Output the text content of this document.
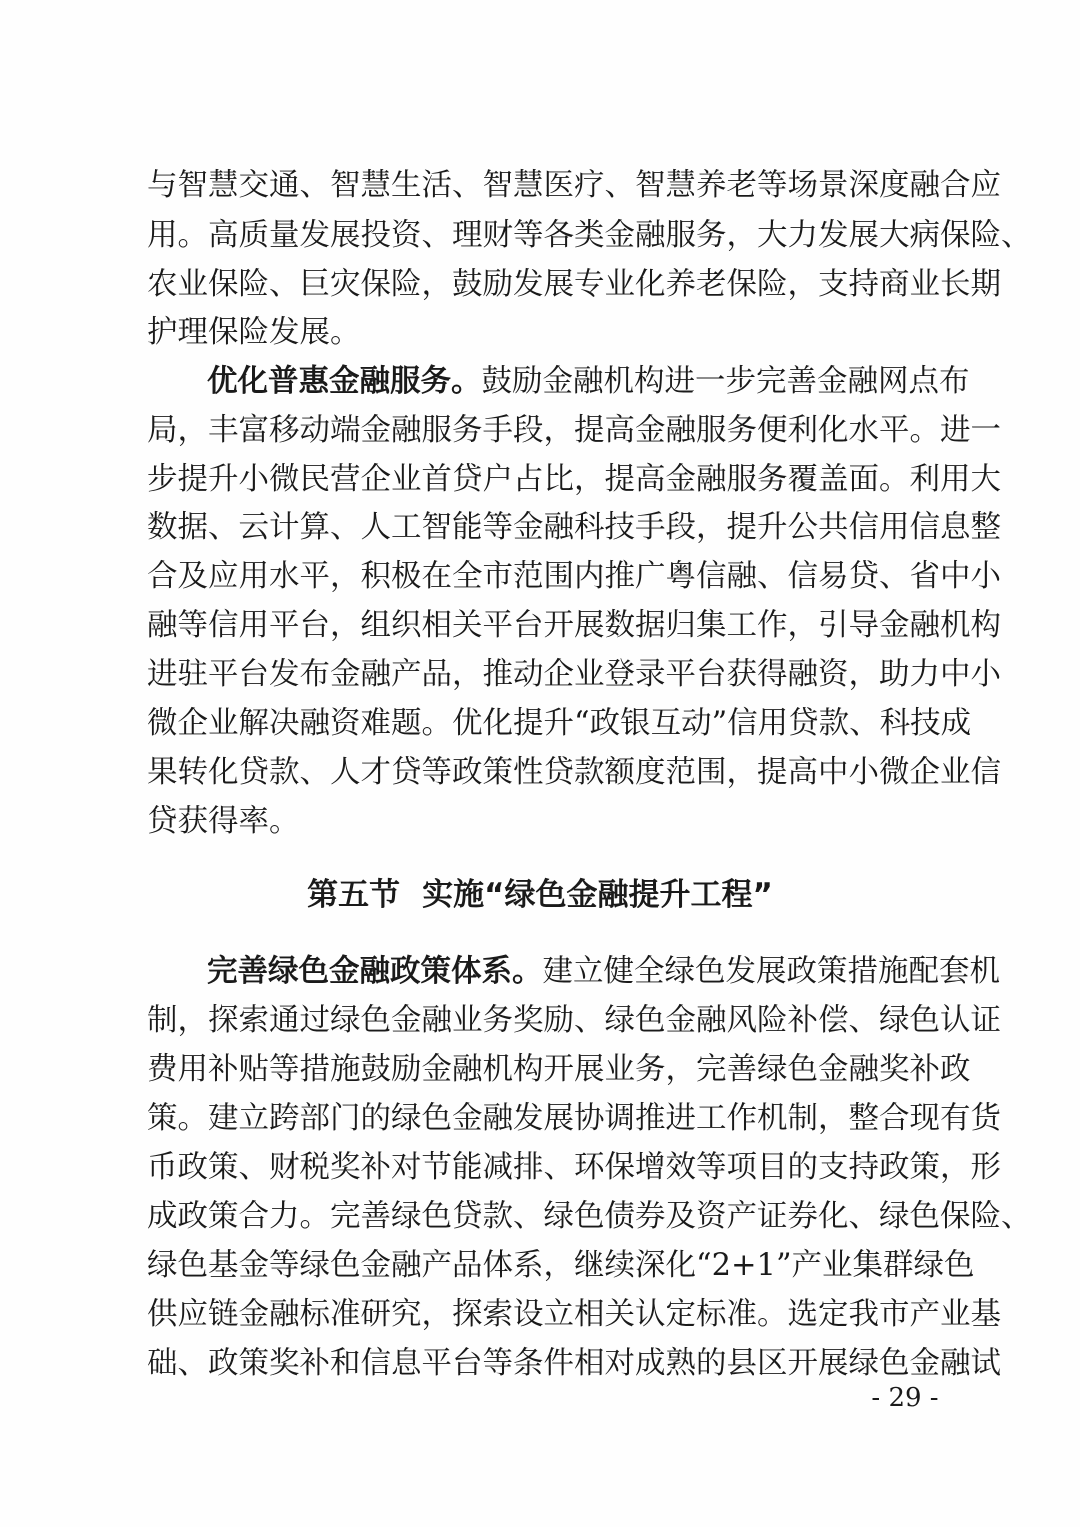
与智慧交通、智慧生活、智慧医疗、智慧养老等场景深度融合应
用。高质量发展投资、理财等各类金融服务，大力发展大病保险、
农业保险、巨灾保险，鼓励发展专业化养老保险，支持商业长期
护理保险发展。
优化普惠金融服务。鼓励金融机构进一步完善金融网点布
局，丰富移动端金融服务手段，提高金融服务便利化水平。进一
步提升小微民营企业首贷户占比，提高金融服务覆盖面。利用大
数据、云计算、人工智能等金融科技手段，提升公共信用信息整
合及应用水平，积极在全市范围内推广粤信融、信易贷、省中小
融等信用平台，组织相关平台开展数据归集工作，引导金融机构
进驻平台发布金融产品，推动企业登录平台获得融资，助力中小
微企业解决融资难题。优化提升“政银互动”信用贷款、科技成
果转化贷款、人才贷等政策性贷款额度范围，提高中小微企业信
贷获得率。
第五节 实施“绿色金融提升工程”
完善绿色金融政策体系。建立健全绿色发展政策措施配套机
制，探索通过绿色金融业务奖励、绿色金融风险补偿、绿色认证
费用补贴等措施鼓励金融机构开展业务，完善绿色金融奖补政
策。建立跨部门的绿色金融发展协调推进工作机制，整合现有货
币政策、财税奖补对节能减排、环保增效等项目的支持政策，形
成政策合力。完善绿色贷款、绿色债券及资产证券化、绿色保险、
绿色基金等绿色金融产品体系，继续深化“2+1”产业集群绿色
供应链金融标准研究，探索设立相关认定标准。选定我市产业基
础、政策奖补和信息平台等条件相对成熟的县区开展绿色金融试
- 29 -
